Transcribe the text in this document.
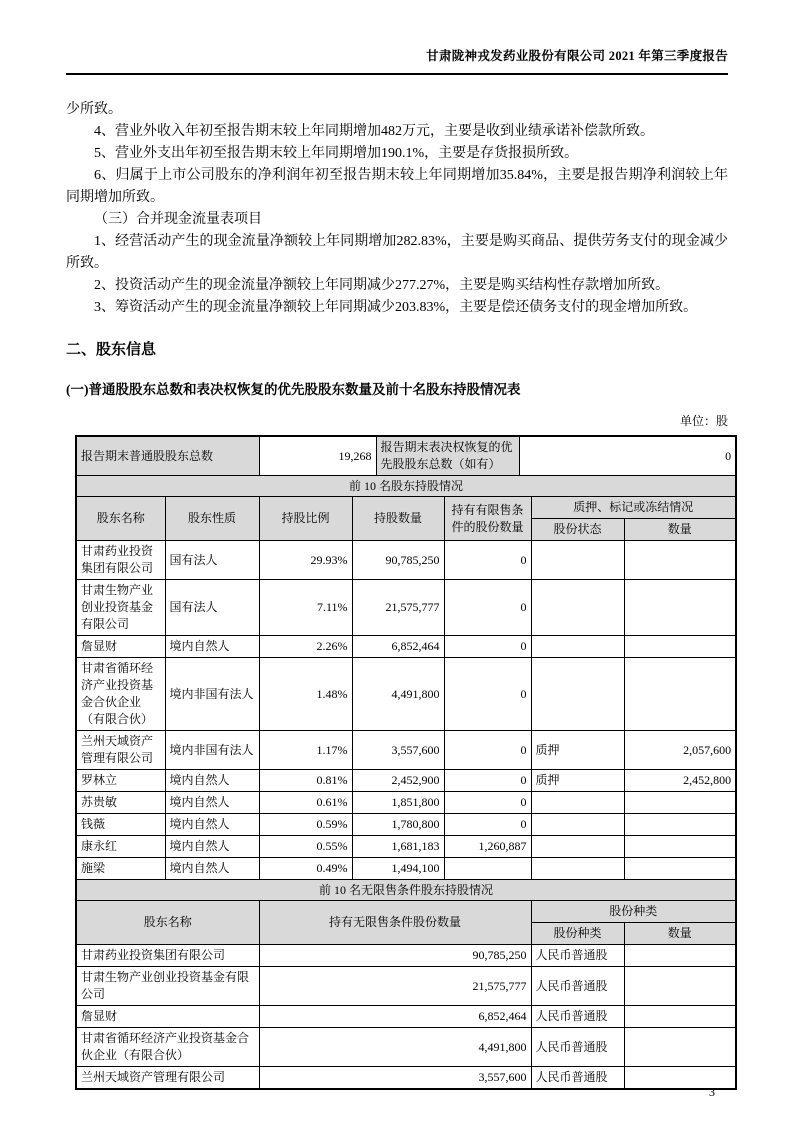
甘肃陇神戎发药业股份有限公司 2021 年第三季度报告

少所致。

4、营业外收入年初至报告期末较上年同期增加482万元，主要是收到业绩承诺补偿款所致。

5、营业外支出年初至报告期末较上年同期增加190.1%，主要是存货报损所致。

6、归属于上市公司股东的净利润年初至报告期末较上年同期增加35.84%，主要是报告期净利润较上年同期增加所致。

（三）合并现金流量表项目

1、经营活动产生的现金流量净额较上年同期增加282.83%，主要是购买商品、提供劳务支付的现金减少所致。

2、投资活动产生的现金流量净额较上年同期减少277.27%，主要是购买结构性存款增加所致。

3、筹资活动产生的现金流量净额较上年同期减少203.83%，主要是偿还债务支付的现金增加所致。

二、股东信息
(一)普通股股东总数和表决权恢复的优先股股东数量及前十名股东持股情况表
单位：股
报告期末普通股股东总数		19,268		报告期末表决权恢复的优先股股东总数（如有）		0		
前 10 名股东持股情况								
股东名称	股东性质	持股比例	持股数量		持有有限售条件的股份数量		质押、标记或冻结情况	
							股份状态	数量
甘肃药业投资集团有限公司	国有法人	29.93%	90,785,250		0			
甘肃生物产业创业投资基金有限公司	国有法人	7.11%	21,575,777		0			
詹显财	境内自然人	2.26%	6,852,464		0			
甘肃省循环经济产业投资基金合伙企业（有限合伙）	境内非国有法人	1.48%	4,491,800		0			
兰州天域资产管理有限公司	境内非国有法人	1.17%	3,557,600		0		质押	2,057,600
罗林立	境内自然人	0.81%	2,452,900		0		质押	2,452,800
苏贵敏	境内自然人	0.61%	1,851,800		0			
钱薇	境内自然人	0.59%	1,780,800		0			
康永红	境内自然人	0.55%	1,681,183		1,260,887			
施梁	境内自然人	0.49%	1,494,100					
前 10 名无限售条件股东持股情况								
股东名称		持有无限售条件股份数量					股份种类	
							股份种类	数量
甘肃药业投资集团有限公司		90,785,250					人民币普通股	
甘肃生物产业创业投资基金有限公司		21,575,777					人民币普通股	
詹显财		6,852,464					人民币普通股	
甘肃省循环经济产业投资基金合伙企业（有限合伙）		4,491,800					人民币普通股	
兰州天域资产管理有限公司		3,557,600					人民币普通股	
3
